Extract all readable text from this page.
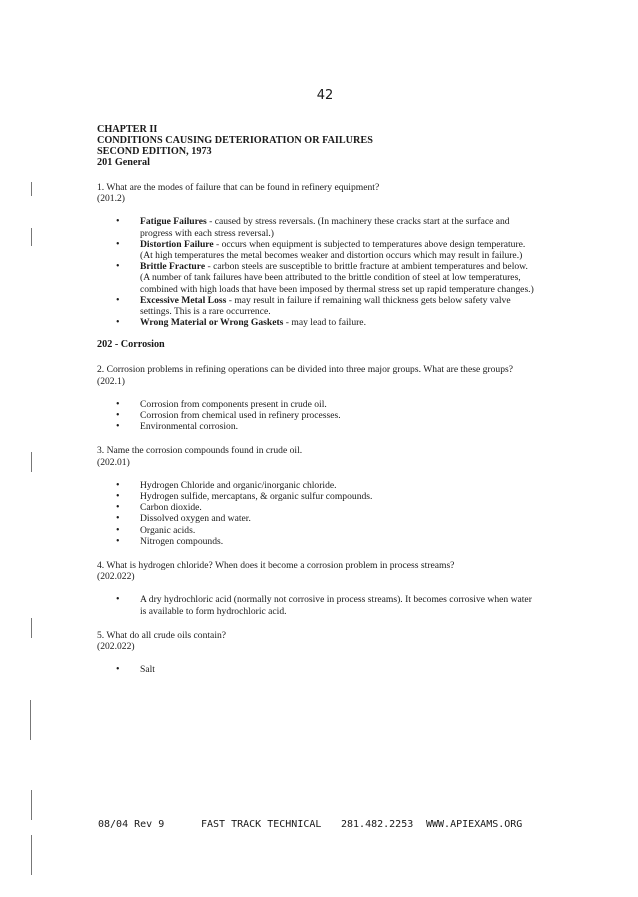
42
CHAPTER II
CONDITIONS CAUSING DETERIORATION OR FAILURES
SECOND EDITION, 1973
201 General

1. What are the modes of failure that can be found in refinery equipment?

(201.2)

• Fatigue Failures - caused by stress reversals. (In machinery these cracks start at the surface and progress with each stress reversal.)
• Distortion Failure - occurs when equipment is subjected to temperatures above design temperature. (At high temperatures the metal becomes weaker and distortion occurs which may result in failure.)
• Brittle Fracture - carbon steels are susceptible to brittle fracture at ambient temperatures and below. (A number of tank failures have been attributed to the brittle condition of steel at low temperatures, combined with high loads that have been imposed by thermal stress set up rapid temperature changes.)
• Excessive Metal Loss - may result in failure if remaining wall thickness gets below safety valve settings. This is a rare occurrence.
• Wrong Material or Wrong Gaskets - may lead to failure.
202 - Corrosion

2. Corrosion problems in refining operations can be divided into three major groups. What are these groups?

(202.1)

• Corrosion from components present in crude oil.
• Corrosion from chemical used in refinery processes.
• Environmental corrosion.

3. Name the corrosion compounds found in crude oil.

(202.01)

• Hydrogen Chloride and organic/inorganic chloride.
• Hydrogen sulfide, mercaptans, & organic sulfur compounds.
• Carbon dioxide.
• Dissolved oxygen and water.
• Organic acids.
• Nitrogen compounds.

4. What is hydrogen chloride? When does it become a corrosion problem in process streams?

(202.022)

• A dry hydrochloric acid (normally not corrosive in process streams). It becomes corrosive when water is available to form hydrochloric acid.

5. What do all crude oils contain?

(202.022)

• Salt
08/04 Rev 9	FAST TRACK TECHNICAL 281.482.2253 WWW.APIEXAMS.ORG
